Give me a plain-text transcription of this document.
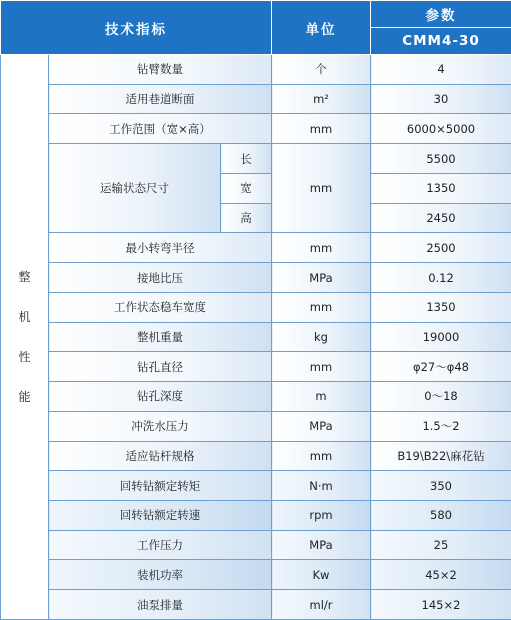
技术指标			单位	参数
				CMM4-30

整
机
性
能	钻臂数量		个	4
	适用巷道断面		m²	30
	工作范围（宽×高）		mm	6000×5000
	运输状态尺寸	长	mm	5500
		宽		1350
		高		2450
	最小转弯半径		mm	2500
	接地比压		MPa	0.12
	工作状态稳车宽度		mm	1350
	整机重量		kg	19000
	钻孔直径		mm	φ27～φ48
	钻孔深度		m	0～18
	冲洗水压力		MPa	1.5～2
	适应钻杆规格		mm	B19\B22\麻花钻
	回转钻额定转矩		N·m	350
	回转钻额定转速		rpm	580
	工作压力		MPa	25
	装机功率		Kw	45×2
	油泵排量		ml/r	145×2
